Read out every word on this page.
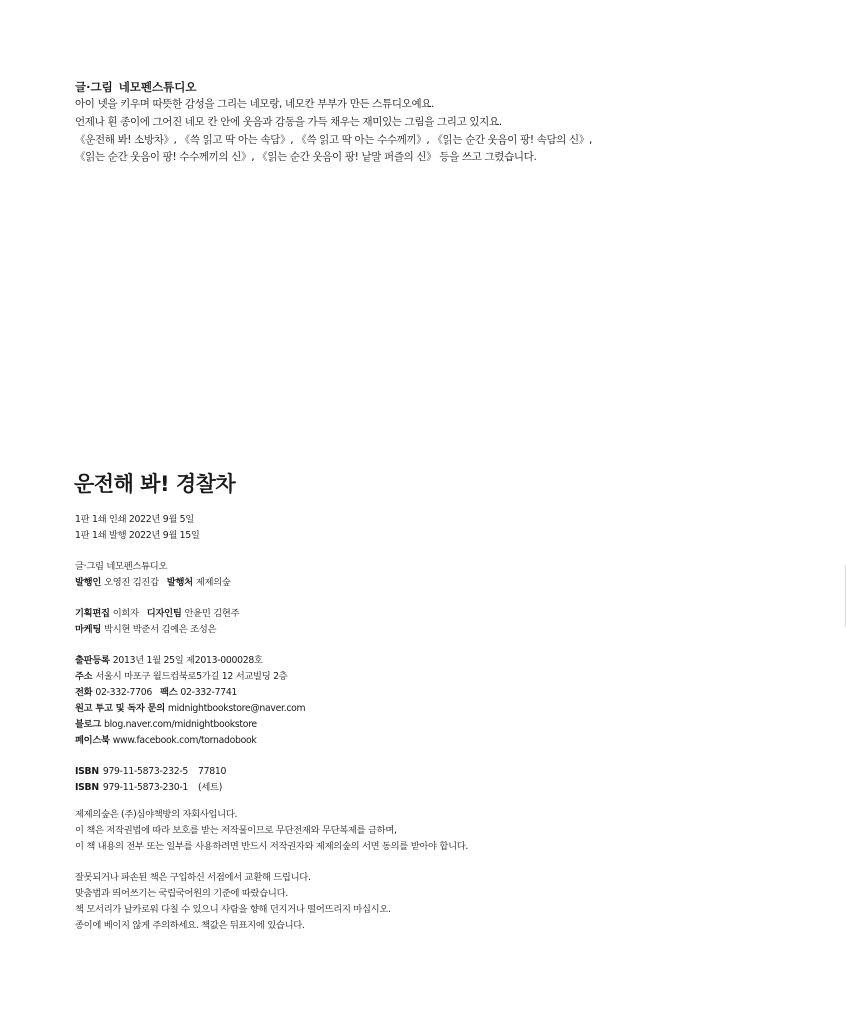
글·그림 네모펜스튜디오
아이 넷을 키우며 따뜻한 감성을 그리는 네모랑, 네모칸 부부가 만든 스튜디오예요.
언제나 흰 종이에 그어진 네모 칸 안에 웃음과 감동을 가득 채우는 재미있는 그림을 그리고 있지요.
《운전해 봐! 소방차》, 《쓱 읽고 딱 아는 속담》, 《쓱 읽고 딱 아는 수수께끼》, 《읽는 순간 웃음이 팡! 속담의 신》,
《읽는 순간 웃음이 팡! 수수께끼의 신》, 《읽는 순간 웃음이 팡! 낱말 퍼즐의 신》 등을 쓰고 그렸습니다.
운전해 봐! 경찰차
1판 1쇄 인쇄 2022년 9월 5일
1판 1쇄 발행 2022년 9월 15일
글·그림 네모펜스튜디오
발행인 오영진 김진갑 발행처 제제의숲
기획편집 이희자 디자인팀 안윤민 김현주
마케팅 박시현 박준서 김예은 조성은
출판등록 2013년 1월 25일 제2013-000028호
주소 서울시 마포구 월드컵북로5가길 12 서교빌딩 2층
전화 02-332-7706 팩스 02-332-7741
원고 투고 및 독자 문의 midnightbookstore@naver.com
블로그 blog.naver.com/midnightbookstore
페이스북 www.facebook.com/tornadobook
ISBN 979-11-5873-232-5 77810
ISBN 979-11-5873-230-1 (세트)
제제의숲은 (주)심야책방의 자회사입니다.
이 책은 저작권법에 따라 보호를 받는 저작물이므로 무단전재와 무단복제를 금하며,
이 책 내용의 전부 또는 일부를 사용하려면 반드시 저작권자와 제제의숲의 서면 동의를 받아야 합니다.
잘못되거나 파손된 책은 구입하신 서점에서 교환해 드립니다.
맞춤법과 띄어쓰기는 국립국어원의 기준에 따랐습니다.
책 모서리가 날카로워 다칠 수 있으니 사람을 향해 던지거나 떨어뜨리지 마십시오.
종이에 베이지 않게 주의하세요. 책값은 뒤표지에 있습니다.
